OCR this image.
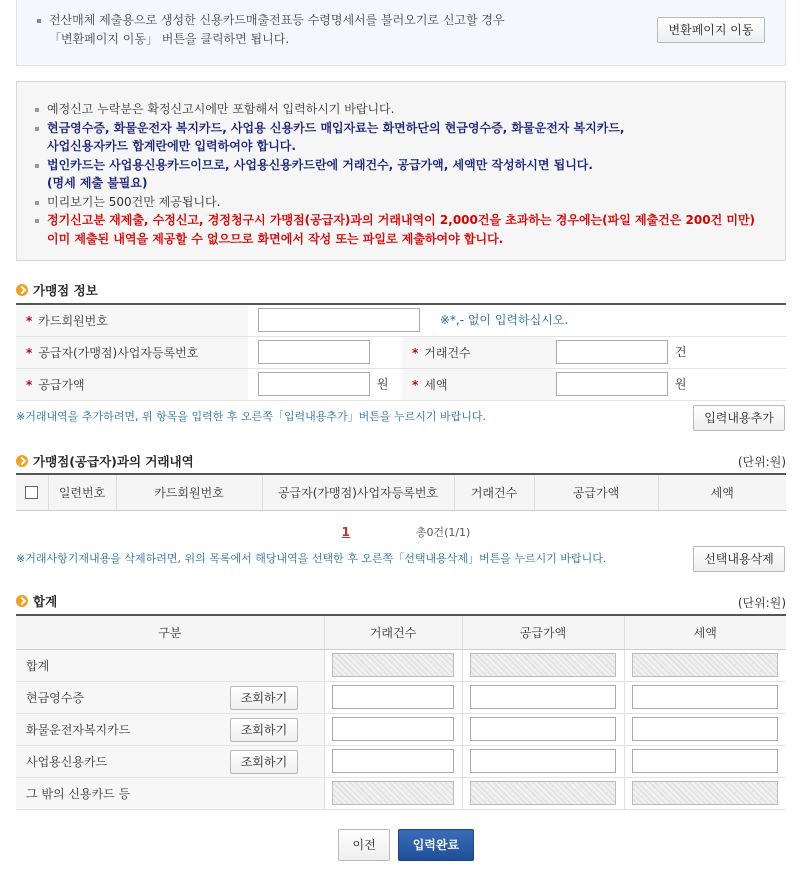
전산매체 제출용으로 생성한 신용카드매출전표등 수령명세서를 불러오기로 신고할 경우
「변환페이지 이동」 버튼을 클릭하면 됩니다.
변환페이지 이동
예정신고 누락분은 확정신고시에만 포함해서 입력하시기 바랍니다.
현금영수증, 화물운전자 복지카드, 사업용 신용카드 매입자료는 화면하단의 현금영수증, 화물운전자 복지카드,
사업신용자카드 합계란에만 입력하여야 합니다.
법인카드는 사업용신용카드이므로, 사업용신용카드란에 거래건수, 공급가액, 세액만 작성하시면 됩니다.
(명세 제출 불필요)
미리보기는 500건만 제공됩니다.
정기신고분 재제출, 수정신고, 경정청구시 가맹점(공급자)과의 거래내역이 2,000건을 초과하는 경우에는(파일 제출건은 200건 미만)
이미 제출된 내역을 제공할 수 없으므로 화면에서 작성 또는 파일로 제출하여야 합니다.
가맹점 정보
* 카드회원번호	※*,- 없이 입력하십시오.		
* 공급자(가맹점)사업자등록번호		* 거래건수	건
* 공급가액	원	* 세액	원
※거래내역을 추가하려면, 위 항목을 입력한 후 오른쪽「입력내용추가」버튼을 누르시기 바랍니다.	입력내용추가
가맹점(공급자)과의 거래내역	(단위:원)
	일련번호	카드회원번호	공급자(가맹점)사업자등록번호	거래건수	공급가액	세액
1	총0건(1/1)
※거래사항기재내용을 삭제하려면, 위의 목록에서 해당내역을 선택한 후 오른쪽「선택내용삭제」버튼을 누르시기 바랍니다.	선택내용삭제
합계	(단위:원)
구분	거래건수	공급가액	세액
합계			
현금영수증 조회하기			

화물운전자복지카드 조회하기			

사업용신용카드 조회하기			

그 밖의 신용카드 등			
이전	입력완료
